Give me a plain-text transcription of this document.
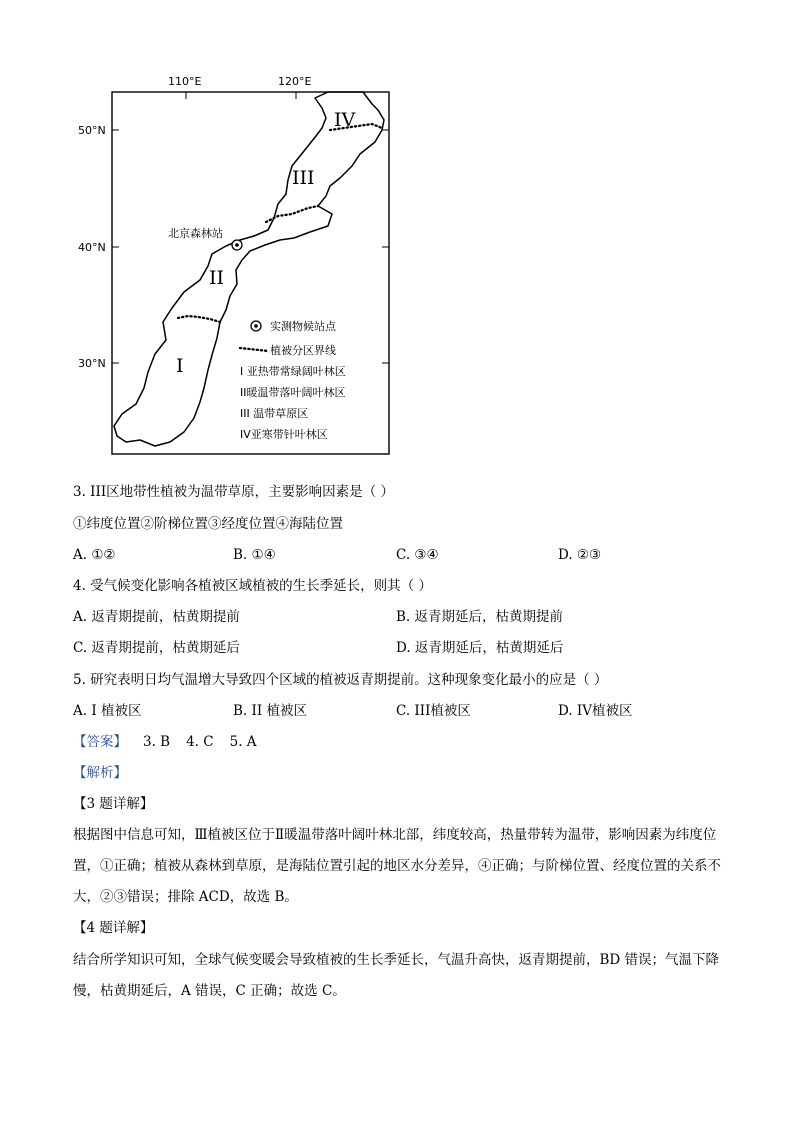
110°E	120°E
50°N
40°N
30°N
IV
III
II
I
北京森林站
实测物候站点
植被分区界线
I 亚热带常绿阔叶林区
II暖温带落叶阔叶林区
III 温带草原区
IV亚寒带针叶林区
3. III区地带性植被为温带草原，主要影响因素是（ ）
①纬度位置②阶梯位置③经度位置④海陆位置
A. ①②	B. ①④	C. ③④	D. ②③
4. 受气候变化影响各植被区域植被的生长季延长，则其（ ）
A. 返青期提前，枯黄期提前	B. 返青期延后，枯黄期提前
C. 返青期提前，枯黄期延后	D. 返青期延后，枯黄期延后
5. 研究表明日均气温增大导致四个区域的植被返青期提前。这种现象变化最小的应是（ ）
A. I 植被区	B. II 植被区	C. III植被区	D. IV植被区
【答案】 3. B 4. C 5. A
【解析】
【3 题详解】
根据图中信息可知，Ⅲ植被区位于Ⅱ暖温带落叶阔叶林北部，纬度较高，热量带转为温带，影响因素为纬度位置，①正确；植被从森林到草原，是海陆位置引起的地区水分差异，④正确；与阶梯位置、经度位置的关系不大，②③错误；排除 ACD，故选 B。
【4 题详解】
结合所学知识可知，全球气候变暖会导致植被的生长季延长，气温升高快，返青期提前，BD 错误；气温下降慢，枯黄期延后，A 错误，C 正确；故选 C。
